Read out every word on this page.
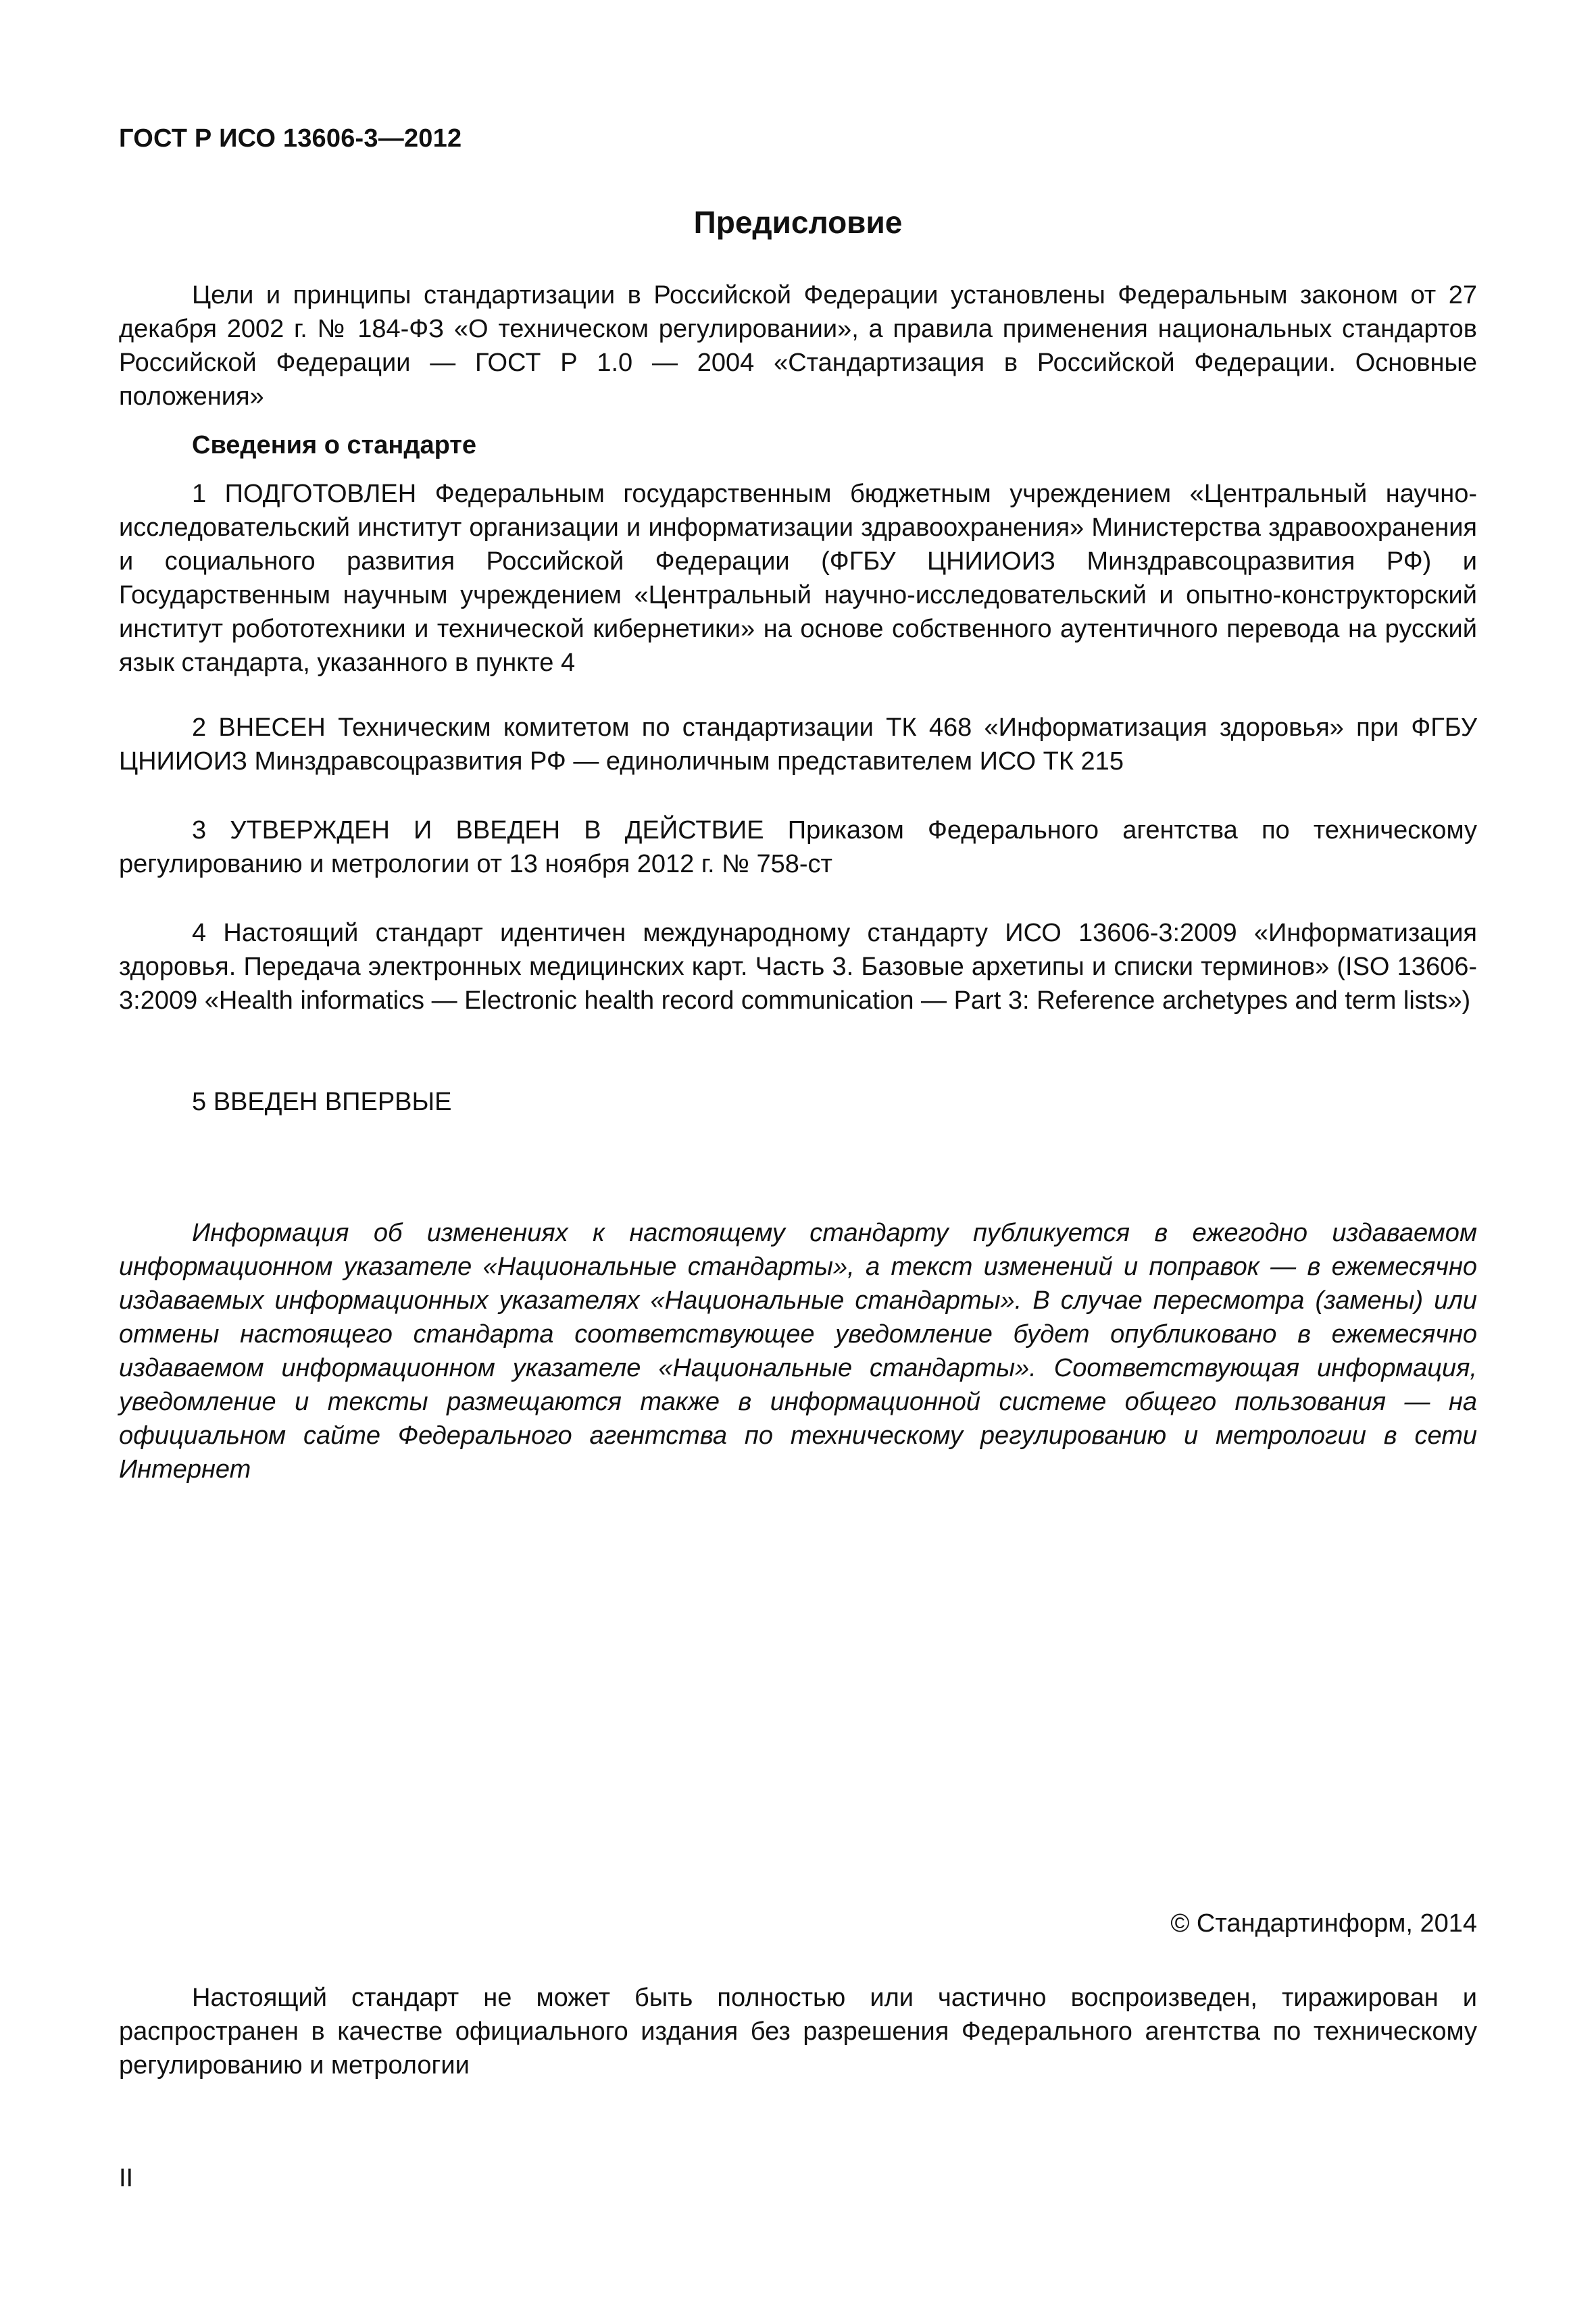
ГОСТ Р ИСО 13606-3—2012

Предисловие

Цели и принципы стандартизации в Российской Федерации установлены Федеральным законом от 27 декабря 2002 г. № 184-ФЗ «О техническом регулировании», а правила применения национальных стандартов Российской Федерации — ГОСТ Р 1.0 — 2004 «Стандартизация в Российской Федерации. Основные положения»

Сведения о стандарте

1 ПОДГОТОВЛЕН Федеральным государственным бюджетным учреждением «Центральный научно-исследовательский институт организации и информатизации здравоохранения» Министерства здравоохранения и социального развития Российской Федерации (ФГБУ ЦНИИОИЗ Минздравсоцразвития РФ) и Государственным научным учреждением «Центральный научно-исследовательский и опытно-конструкторский институт робототехники и технической кибернетики» на основе собственного аутентичного перевода на русский язык стандарта, указанного в пункте 4

2 ВНЕСЕН Техническим комитетом по стандартизации ТК 468 «Информатизация здоровья» при ФГБУ ЦНИИОИЗ Минздравсоцразвития РФ — единоличным представителем ИСО ТК 215

3 УТВЕРЖДЕН И ВВЕДЕН В ДЕЙСТВИЕ Приказом Федерального агентства по техническому регулированию и метрологии от 13 ноября 2012 г. № 758-ст

4 Настоящий стандарт идентичен международному стандарту ИСО 13606-3:2009 «Информатизация здоровья. Передача электронных медицинских карт. Часть 3. Базовые архетипы и списки терминов» (ISO 13606-3:2009 «Health informatics — Electronic health record communication — Part 3: Reference archetypes and term lists»)

5 ВВЕДЕН ВПЕРВЫЕ

Информация об изменениях к настоящему стандарту публикуется в ежегодно издаваемом информационном указателе «Национальные стандарты», а текст изменений и поправок — в ежемесячно издаваемых информационных указателях «Национальные стандарты». В случае пересмотра (замены) или отмены настоящего стандарта соответствующее уведомление будет опубликовано в ежемесячно издаваемом информационном указателе «Национальные стандарты». Соответствующая информация, уведомление и тексты размещаются также в информационной системе общего пользования — на официальном сайте Федерального агентства по техническому регулированию и метрологии в сети Интернет

© Стандартинформ, 2014

Настоящий стандарт не может быть полностью или частично воспроизведен, тиражирован и распространен в качестве официального издания без разрешения Федерального агентства по техническому регулированию и метрологии

II
